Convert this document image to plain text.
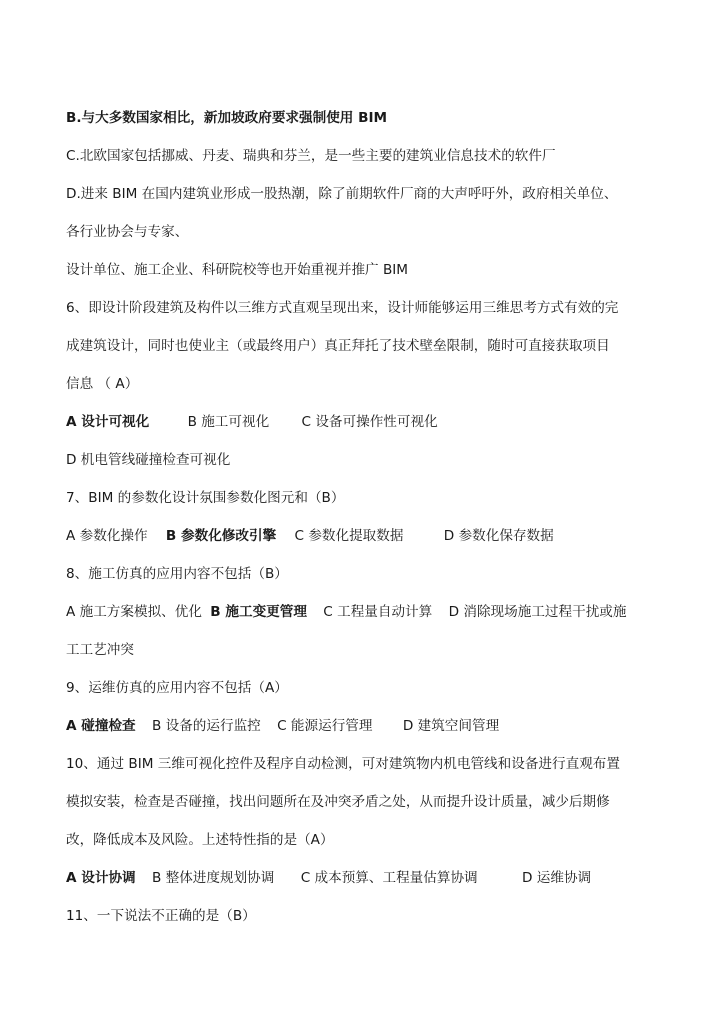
B.与大多数国家相比，新加坡政府要求强制使用 BIM
C.北欧国家包括挪威、丹麦、瑞典和芬兰，是一些主要的建筑业信息技术的软件厂
D.进来 BIM 在国内建筑业形成一股热潮，除了前期软件厂商的大声呼吁外，政府相关单位、
各行业协会与专家、
设计单位、施工企业、科研院校等也开始重视并推广 BIM
6、即设计阶段建筑及构件以三维方式直观呈现出来，设计师能够运用三维思考方式有效的完
成建筑设计，同时也使业主（或最终用户）真正拜托了技术壁垒限制，随时可直接获取项目
信息 （ A）
A 设计可视化	B 施工可视化 C 设备可操作性可视化
D 机电管线碰撞检查可视化
7、BIM 的参数化设计氛围参数化图元和（B）
A 参数化操作 B 参数化修改引擎 C 参数化提取数据	D 参数化保存数据
8、施工仿真的应用内容不包括（B）
A 施工方案模拟、优化 B 施工变更管理 C 工程量自动计算 D 消除现场施工过程干扰或施
工工艺冲突
9、运维仿真的应用内容不包括（A）
A 碰撞检查 B 设备的运行监控 C 能源运行管理 D 建筑空间管理
10、通过 BIM 三维可视化控件及程序自动检测，可对建筑物内机电管线和设备进行直观布置
模拟安装，检查是否碰撞，找出问题所在及冲突矛盾之处，从而提升设计质量，减少后期修
改，降低成本及风险。上述特性指的是（A）
A 设计协调 B 整体进度规划协调 C 成本预算、工程量估算协调	D 运维协调
11、一下说法不正确的是（B）
